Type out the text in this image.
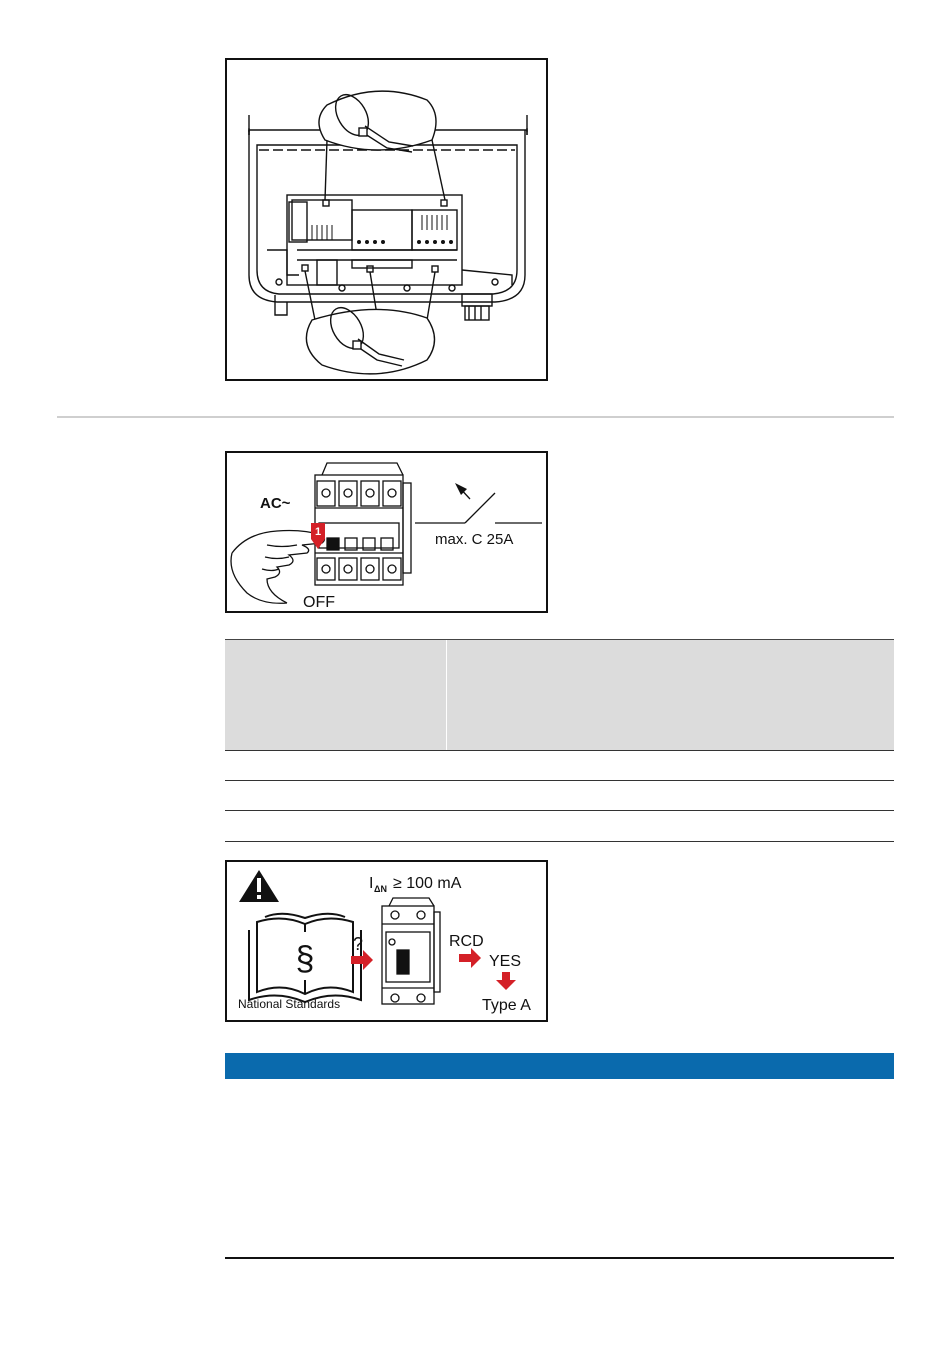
1
AC~
OFF
max. C 25A
§
National Standards
?
I ΔN ≥ 100 mA
RCD
YES
Type A
